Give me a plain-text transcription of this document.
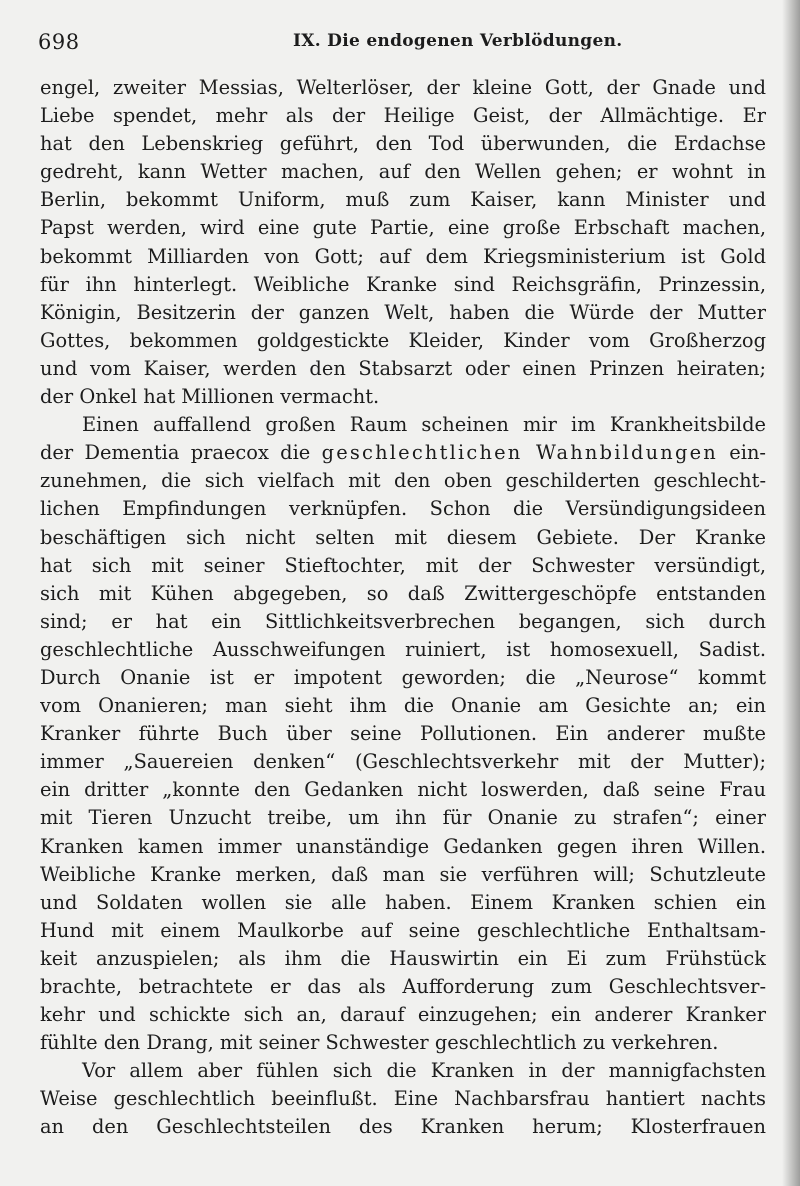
698	IX. Die endogenen Verblödungen.
engel, zweiter Messias, Welterlöser, der kleine Gott, der Gnade und
Liebe spendet, mehr als der Heilige Geist, der Allmächtige. Er
hat den Lebenskrieg geführt, den Tod überwunden, die Erdachse
gedreht, kann Wetter machen, auf den Wellen gehen; er wohnt in
Berlin, bekommt Uniform, muß zum Kaiser, kann Minister und
Papst werden, wird eine gute Partie, eine große Erbschaft machen,
bekommt Milliarden von Gott; auf dem Kriegsministerium ist Gold
für ihn hinterlegt. Weibliche Kranke sind Reichsgräfin, Prinzessin,
Königin, Besitzerin der ganzen Welt, haben die Würde der Mutter
Gottes, bekommen goldgestickte Kleider, Kinder vom Großherzog
und vom Kaiser, werden den Stabsarzt oder einen Prinzen heiraten;
der Onkel hat Millionen vermacht.
Einen auffallend großen Raum scheinen mir im Krankheitsbilde
der Dementia praecox die geschlechtlichen Wahnbildungen ein-
zunehmen, die sich vielfach mit den oben geschilderten geschlecht-
lichen Empfindungen verknüpfen. Schon die Versündigungsideen
beschäftigen sich nicht selten mit diesem Gebiete. Der Kranke
hat sich mit seiner Stieftochter, mit der Schwester versündigt,
sich mit Kühen abgegeben, so daß Zwittergeschöpfe entstanden
sind; er hat ein Sittlichkeitsverbrechen begangen, sich durch
geschlechtliche Ausschweifungen ruiniert, ist homosexuell, Sadist.
Durch Onanie ist er impotent geworden; die „Neurose“ kommt
vom Onanieren; man sieht ihm die Onanie am Gesichte an; ein
Kranker führte Buch über seine Pollutionen. Ein anderer mußte
immer „Sauereien denken“ (Geschlechtsverkehr mit der Mutter);
ein dritter „konnte den Gedanken nicht loswerden, daß seine Frau
mit Tieren Unzucht treibe, um ihn für Onanie zu strafen“; einer
Kranken kamen immer unanständige Gedanken gegen ihren Willen.
Weibliche Kranke merken, daß man sie verführen will; Schutzleute
und Soldaten wollen sie alle haben. Einem Kranken schien ein
Hund mit einem Maulkorbe auf seine geschlechtliche Enthaltsam-
keit anzuspielen; als ihm die Hauswirtin ein Ei zum Frühstück
brachte, betrachtete er das als Aufforderung zum Geschlechtsver-
kehr und schickte sich an, darauf einzugehen; ein anderer Kranker
fühlte den Drang, mit seiner Schwester geschlechtlich zu verkehren.
Vor allem aber fühlen sich die Kranken in der mannigfachsten
Weise geschlechtlich beeinflußt. Eine Nachbarsfrau hantiert nachts
an den Geschlechtsteilen des Kranken herum; Klosterfrauen
